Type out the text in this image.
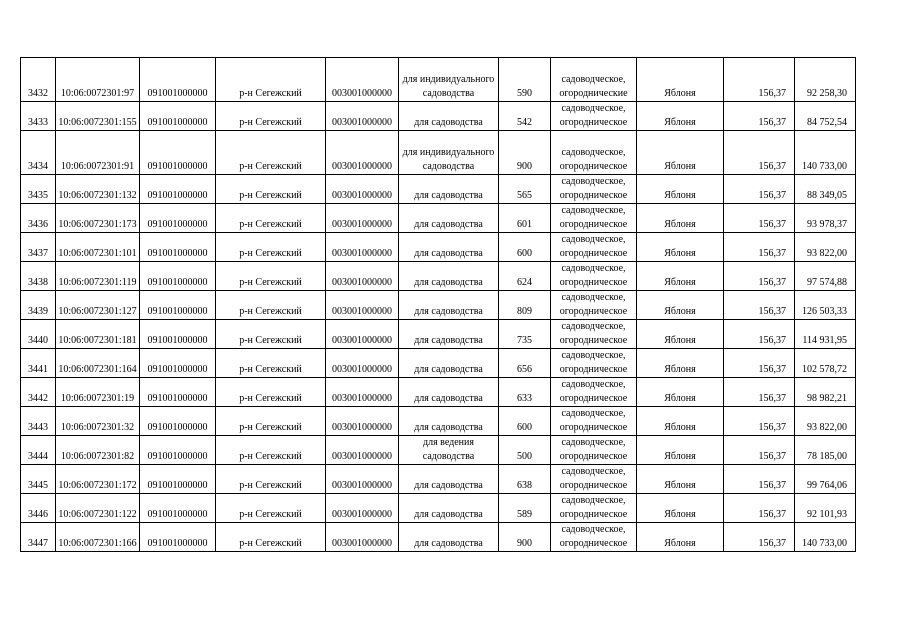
3432	10:06:0072301:97	091001000000	р-н Сегежский	003001000000	для индивидуального садоводства	590	садоводческое, огороднические	Яблоня	156,37	92 258,30
3433	10:06:0072301:155	091001000000	р-н Сегежский	003001000000	для садоводства	542	садоводческое, огородническое	Яблоня	156,37	84 752,54
3434	10:06:0072301:91	091001000000	р-н Сегежский	003001000000	для индивидуального садоводства	900	садоводческое, огородническое	Яблоня	156,37	140 733,00
3435	10:06:0072301:132	091001000000	р-н Сегежский	003001000000	для садоводства	565	садоводческое, огородническое	Яблоня	156,37	88 349,05
3436	10:06:0072301:173	091001000000	р-н Сегежский	003001000000	для садоводства	601	садоводческое, огородническое	Яблоня	156,37	93 978,37
3437	10:06:0072301:101	091001000000	р-н Сегежский	003001000000	для садоводства	600	садоводческое, огородническое	Яблоня	156,37	93 822,00
3438	10:06:0072301:119	091001000000	р-н Сегежский	003001000000	для садоводства	624	садоводческое, огородническое	Яблоня	156,37	97 574,88
3439	10:06:0072301:127	091001000000	р-н Сегежский	003001000000	для садоводства	809	садоводческое, огородническое	Яблоня	156,37	126 503,33
3440	10:06:0072301:181	091001000000	р-н Сегежский	003001000000	для садоводства	735	садоводческое, огородническое	Яблоня	156,37	114 931,95
3441	10:06:0072301:164	091001000000	р-н Сегежский	003001000000	для садоводства	656	садоводческое, огородническое	Яблоня	156,37	102 578,72
3442	10:06:0072301:19	091001000000	р-н Сегежский	003001000000	для садоводства	633	садоводческое, огородническое	Яблоня	156,37	98 982,21
3443	10:06:0072301:32	091001000000	р-н Сегежский	003001000000	для садоводства	600	садоводческое, огородническое	Яблоня	156,37	93 822,00
3444	10:06:0072301:82	091001000000	р-н Сегежский	003001000000	для ведения садоводства	500	садоводческое, огородническое	Яблоня	156,37	78 185,00
3445	10:06:0072301:172	091001000000	р-н Сегежский	003001000000	для садоводства	638	садоводческое, огородническое	Яблоня	156,37	99 764,06
3446	10:06:0072301:122	091001000000	р-н Сегежский	003001000000	для садоводства	589	садоводческое, огородническое	Яблоня	156,37	92 101,93
3447	10:06:0072301:166	091001000000	р-н Сегежский	003001000000	для садоводства	900	садоводческое, огородническое	Яблоня	156,37	140 733,00
